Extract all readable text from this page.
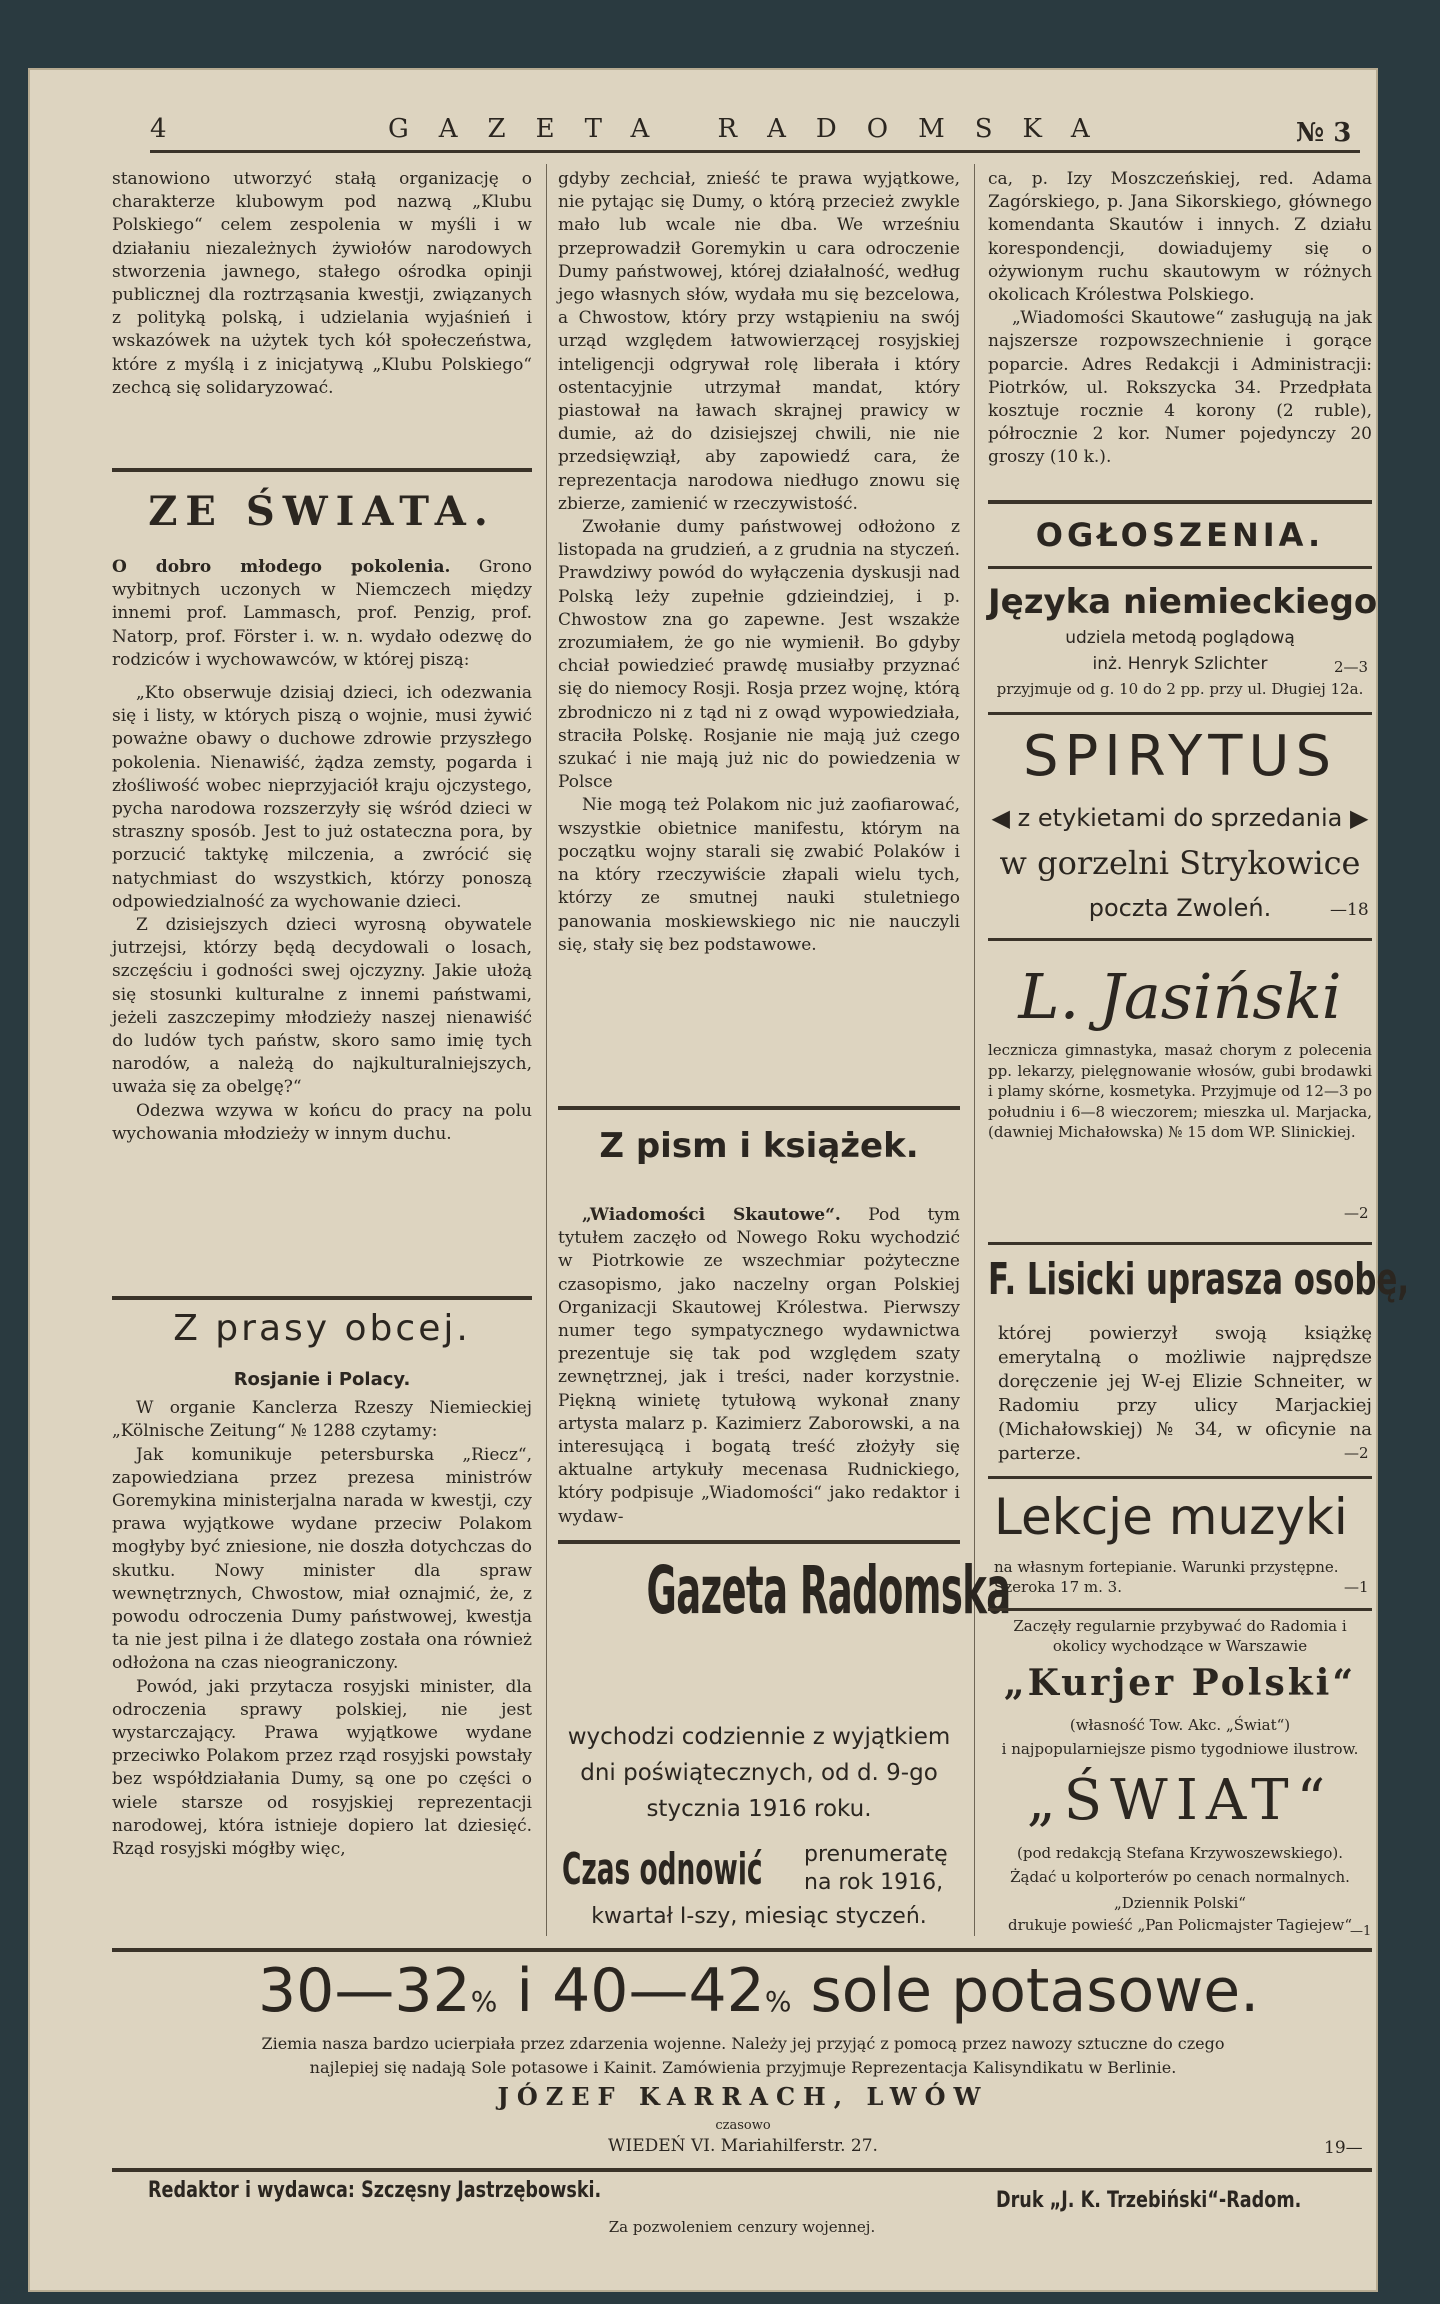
4	GAZETA RADOMSKA	№ 3

stanowiono utworzyć stałą organizację o charakterze klubowym pod nazwą „Klubu Polskiego“ celem zespolenia w myśli i w działaniu niezależnych żywiołów narodowych stworzenia jawnego, stałego ośrodka opinji publicznej dla roztrząsania kwestji, związanych z polityką polską, i udzielania wyjaśnień i wskazówek na użytek tych kół społeczeństwa, które z myślą i z inicjatywą „Klubu Polskiego“ zechcą się solidaryzować.

ZE ŚWIATA.

O dobro młodego pokolenia. Grono wybitnych uczonych w Niemczech między innemi prof. Lammasch, prof. Penzig, prof. Natorp, prof. Förster i. w. n. wydało odezwę do rodziców i wychowawców, w której piszą:

„Kto obserwuje dzisiaj dzieci, ich odezwania się i listy, w których piszą o wojnie, musi żywić poważne obawy o duchowe zdrowie przyszłego pokolenia. Nienawiść, żądza zemsty, pogarda i złośliwość wobec nieprzyjaciół kraju ojczystego, pycha narodowa rozszerzyły się wśród dzieci w straszny sposób. Jest to już ostateczna pora, by porzucić taktykę milczenia, a zwrócić się natychmiast do wszystkich, którzy ponoszą odpowiedzialność za wychowanie dzieci.

Z dzisiejszych dzieci wyrosną obywatele jutrzejsi, którzy będą decydowali o losach, szczęściu i godności swej ojczyzny. Jakie ułożą się stosunki kulturalne z innemi państwami, jeżeli zaszczepimy młodzieży naszej nienawiść do ludów tych państw, skoro samo imię tych narodów, a należą do najkulturalniejszych, uważa się za obelgę?“

Odezwa wzywa w końcu do pracy na polu wychowania młodzieży w innym duchu.

Z prasy obcej.

Rosjanie i Polacy.

W organie Kanclerza Rzeszy Niemieckiej „Kölnische Zeitung“ № 1288 czytamy:

Jak komunikuje petersburska „Riecz“, zapowiedziana przez prezesa ministrów Goremykina ministerjalna narada w kwestji, czy prawa wyjątkowe wydane przeciw Polakom mogłyby być zniesione, nie doszła dotychczas do skutku. Nowy minister dla spraw wewnętrznych, Chwostow, miał oznajmić, że, z powodu odroczenia Dumy państwowej, kwestja ta nie jest pilna i że dlatego została ona również odłożona na czas nieograniczony.

Powód, jaki przytacza rosyjski minister, dla odroczenia sprawy polskiej, nie jest wystarczający. Prawa wyjątkowe wydane przeciwko Polakom przez rząd rosyjski powstały bez współdziałania Dumy, są one po części o wiele starsze od rosyjskiej reprezentacji narodowej, która istnieje dopiero lat dziesięć. Rząd rosyjski mógłby więc,

gdyby zechciał, znieść te prawa wyjątkowe, nie pytając się Dumy, o którą przecież zwykle mało lub wcale nie dba. We wrześniu przeprowadził Goremykin u cara odroczenie Dumy państwowej, której działalność, według jego własnych słów, wydała mu się bezcelowa, a Chwostow, który przy wstąpieniu na swój urząd względem łatwowierzącej rosyjskiej inteligencji odgrywał rolę liberała i który ostentacyjnie utrzymał mandat, który piastował na ławach skrajnej prawicy w dumie, aż do dzisiejszej chwili, nie nie przedsięwziął, aby zapowiedź cara, że reprezentacja narodowa niedługo znowu się zbierze, zamienić w rzeczywistość.

Zwołanie dumy państwowej odłożono z listopada na grudzień, a z grudnia na styczeń. Prawdziwy powód do wyłączenia dyskusji nad Polską leży zupełnie gdzieindziej, i p. Chwostow zna go zapewne. Jest wszakże zrozumiałem, że go nie wymienił. Bo gdyby chciał powiedzieć prawdę musiałby przyznać się do niemocy Rosji. Rosja przez wojnę, którą zbrodniczo ni z tąd ni z owąd wypowiedziała, straciła Polskę. Rosjanie nie mają już czego szukać i nie mają już nic do powiedzenia w Polsce

Nie mogą też Polakom nic już zaofiarować, wszystkie obietnice manifestu, którym na początku wojny starali się zwabić Polaków i na który rzeczywiście złapali wielu tych, którzy ze smutnej nauki stuletniego panowania moskiewskiego nic nie nauczyli się, stały się bez podstawowe.

Z pism i książek.

„Wiadomości Skautowe“. Pod tym tytułem zaczęło od Nowego Roku wychodzić w Piotrkowie ze wszechmiar pożyteczne czasopismo, jako naczelny organ Polskiej Organizacji Skautowej Królestwa. Pierwszy numer tego sympatycznego wydawnictwa prezentuje się tak pod względem szaty zewnętrznej, jak i treści, nader korzystnie. Piękną winietę tytułową wykonał znany artysta malarz p. Kazimierz Zaborowski, a na interesującą i bogatą treść złożyły się aktualne artykuły mecenasa Rudnickiego, który podpisuje „Wiadomości“ jako redaktor i wydaw-

Gazeta Radomska
wychodzi codziennie z wyjątkiem
dni poświątecznych, od d. 9-go
stycznia 1916 roku.
Czas odnowić prenumeratę
na rok 1916,
kwartał I-szy, miesiąc styczeń.

ca, p. Izy Moszczeńskiej, red. Adama Zagórskiego, p. Jana Sikorskiego, głównego komendanta Skautów i innych. Z działu korespondencji, dowiadujemy się o ożywionym ruchu skautowym w różnych okolicach Królestwa Polskiego.

„Wiadomości Skautowe“ zasługują na jak najszersze rozpowszechnienie i gorące poparcie. Adres Redakcji i Administracji: Piotrków, ul. Rokszycka 34. Przedpłata kosztuje rocznie 4 korony (2 ruble), półrocznie 2 kor. Numer pojedynczy 20 groszy (10 k.).

OGŁOSZENIA.
Języka niemieckiego
udziela metodą poglądową
inż. Henryk Szlichter	2—3
przyjmuje od g. 10 do 2 pp. przy ul. Długiej 12a.
SPIRYTUS
◀ z etykietami do sprzedania ▶
w gorzelni Strykowice
poczta Zwoleń.	—18
L. Jasiński

lecznicza gimnastyka, masaż chorym z polecenia pp. lekarzy, pielęgnowanie włosów, gubi brodawki i plamy skórne, kosmetyka. Przyjmuje od 12—3 po południu i 6—8 wieczorem; mieszka ul. Marjacka, (dawniej Michałowska) № 15 dom WP. Slinickiej.

—2
F. Lisicki uprasza osobę,

której powierzył swoją książkę emerytalną o możliwie najprędsze doręczenie jej W-ej Elizie Schneiter, w Radomiu przy ulicy Marjackiej (Michałowskiej) № 34, w oficynie na parterze.	—2
Lekcje muzyki
na własnym fortepianie. Warunki przystępne.
Szeroka 17 m. 3.	—1
Zaczęły regularnie przybywać do Radomia i okolicy wychodzące w Warszawie
„Kurjer Polski“
(własność Tow. Akc. „Świat“)
i najpopularniejsze pismo tygodniowe ilustrow.
„ŚWIAT“
(pod redakcją Stefana Krzywoszewskiego).
Żądać u kolporterów po cenach normalnych.
„Dziennik Polski“
drukuje powieść „Pan Policmajster Tagiejew“
—1
30—32% i 40—42% sole potasowe.
Ziemia nasza bardzo ucierpiała przez zdarzenia wojenne. Należy jej przyjąć z pomocą przez nawozy sztuczne do czego
najlepiej się nadają Sole potasowe i Kainit. Zamówienia przyjmuje Reprezentacja Kalisyndikatu w Berlinie.
JÓZEF KARRACH, LWÓW
czasowo
WIEDEŃ VI. Mariahilferstr. 27.	19—
Redaktor i wydawca: Szczęsny Jastrzębowski.	Druk „J. K. Trzebiński“-Radom.
Za pozwoleniem cenzury wojennej.
